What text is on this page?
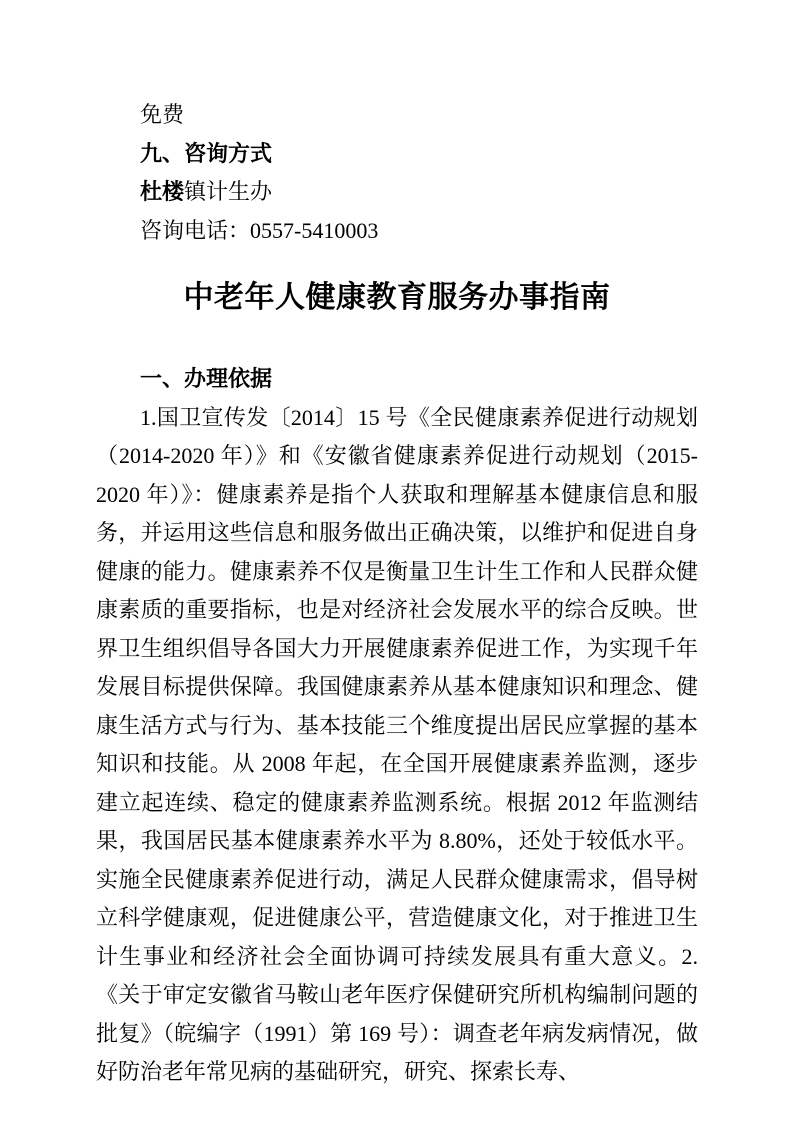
免费

九、咨询方式

杜楼镇计生办

咨询电话：0557-5410003

中老年人健康教育服务办事指南

一、办理依据

1.国卫宣传发〔2014〕15 号《全民健康素养促进行动规划（2014-2020 年）》和《安徽省健康素养促进行动规划（2015-2020 年）》：健康素养是指个人获取和理解基本健康信息和服务，并运用这些信息和服务做出正确决策，以维护和促进自身健康的能力。健康素养不仅是衡量卫生计生工作和人民群众健康素质的重要指标，也是对经济社会发展水平的综合反映。世界卫生组织倡导各国大力开展健康素养促进工作，为实现千年发展目标提供保障。我国健康素养从基本健康知识和理念、健康生活方式与行为、基本技能三个维度提出居民应掌握的基本知识和技能。从 2008 年起，在全国开展健康素养监测，逐步建立起连续、稳定的健康素养监测系统。根据 2012 年监测结果，我国居民基本健康素养水平为 8.80%，还处于较低水平。实施全民健康素养促进行动，满足人民群众健康需求，倡导树立科学健康观，促进健康公平，营造健康文化，对于推进卫生计生事业和经济社会全面协调可持续发展具有重大意义。2.《关于审定安徽省马鞍山老年医疗保健研究所机构编制问题的批复》（皖编字（1991）第 169 号）：调查老年病发病情况，做好防治老年常见病的基础研究，研究、探索长寿、
